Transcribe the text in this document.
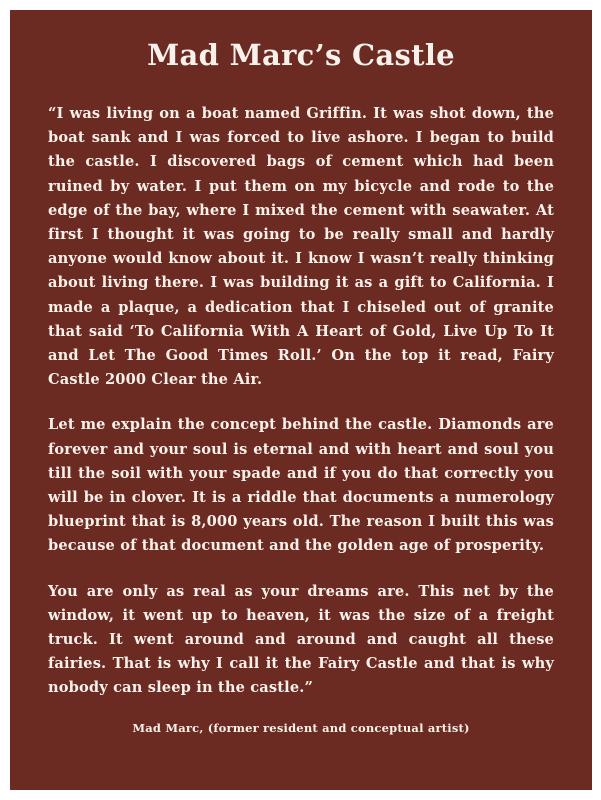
Mad Marc’s Castle

“I was living on a boat named Griffin. It was shot down, the boat sank and I was forced to live ashore. I began to build the castle. I discovered bags of cement which had been ruined by water. I put them on my bicycle and rode to the edge of the bay, where I mixed the cement with seawater. At first I thought it was going to be really small and hardly anyone would know about it. I know I wasn’t really thinking about living there. I was building it as a gift to California. I made a plaque, a dedication that I chiseled out of granite that said ‘To California With A Heart of Gold, Live Up To It and Let The Good Times Roll.’ On the top it read, Fairy Castle 2000 Clear the Air.

Let me explain the concept behind the castle. Diamonds are forever and your soul is eternal and with heart and soul you till the soil with your spade and if you do that correctly you will be in clover. It is a riddle that documents a numerology blueprint that is 8,000 years old. The reason I built this was because of that document and the golden age of prosperity.

You are only as real as your dreams are. This net by the window, it went up to heaven, it was the size of a freight truck. It went around and around and caught all these fairies. That is why I call it the Fairy Castle and that is why nobody can sleep in the castle.”

Mad Marc, (former resident and conceptual artist)
